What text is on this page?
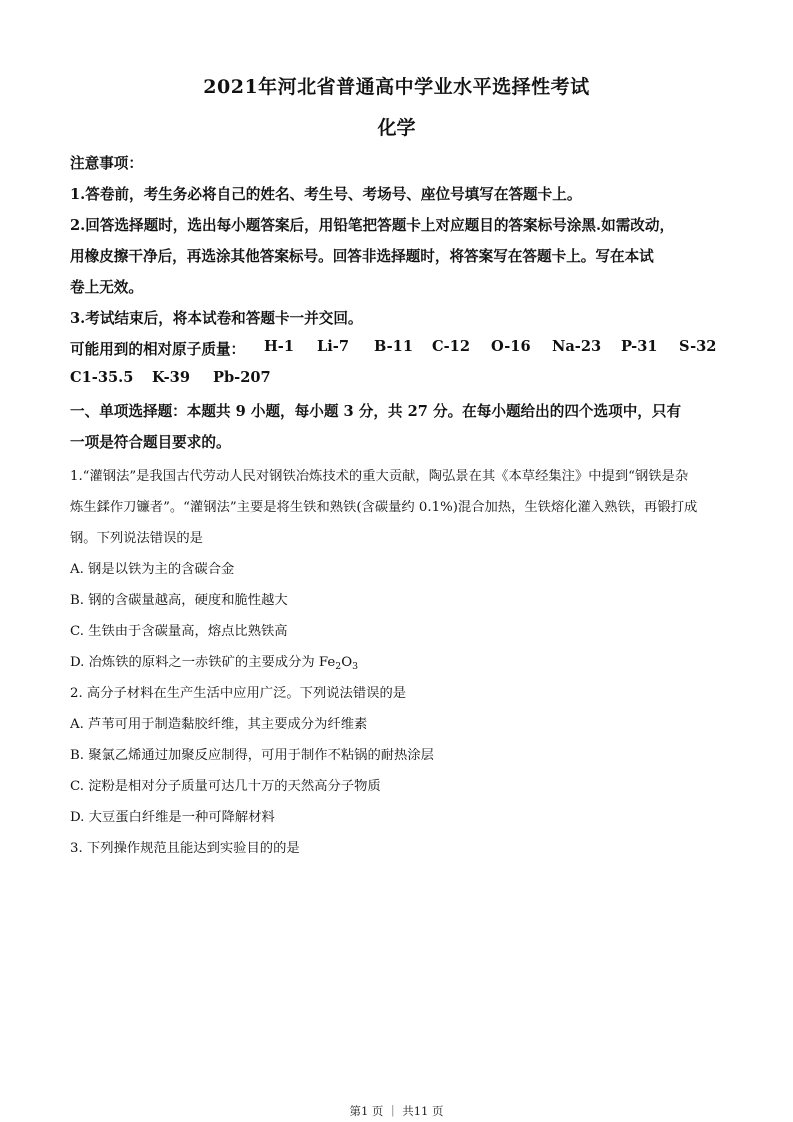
2021年河北省普通高中学业水平选择性考试
化学
注意事项：
1.答卷前，考生务必将自己的姓名、考生号、考场号、座位号填写在答题卡上。
2.回答选择题时，选出每小题答案后，用铅笔把答题卡上对应题目的答案标号涂黑.如需改动，
用橡皮擦干净后，再选涂其他答案标号。回答非选择题时，将答案写在答题卡上。写在本试
卷上无效。
3.考试结束后，将本试卷和答题卡一并交回。
可能用到的相对原子质量： H-1 Li-7 B-11 C-12 O-16 Na-23 P-31 S-32
C1-35.5 K-39 Pb-207
一、单项选择题：本题共 9 小题，每小题 3 分，共 27 分。在每小题给出的四个选项中，只有
一项是符合题目要求的。
1.“灌钢法”是我国古代劳动人民对钢铁冶炼技术的重大贡献，陶弘景在其《本草经集注》中提到“钢铁是杂
炼生鍒作刀镰者”。“灌钢法”主要是将生铁和熟铁(含碳量约 0.1%)混合加热，生铁熔化灌入熟铁，再锻打成
钢。下列说法错误的是
A. 钢是以铁为主的含碳合金
B. 钢的含碳量越高，硬度和脆性越大
C. 生铁由于含碳量高，熔点比熟铁高
D. 冶炼铁的原料之一赤铁矿的主要成分为 $Fe_2O_3$
2. 高分子材料在生产生活中应用广泛。下列说法错误的是
A. 芦苇可用于制造黏胶纤维，其主要成分为纤维素
B. 聚氯乙烯通过加聚反应制得，可用于制作不粘锅的耐热涂层
C. 淀粉是相对分子质量可达几十万的天然高分子物质
D. 大豆蛋白纤维是一种可降解材料
3. 下列操作规范且能达到实验目的的是
第1 页 ｜ 共11 页
